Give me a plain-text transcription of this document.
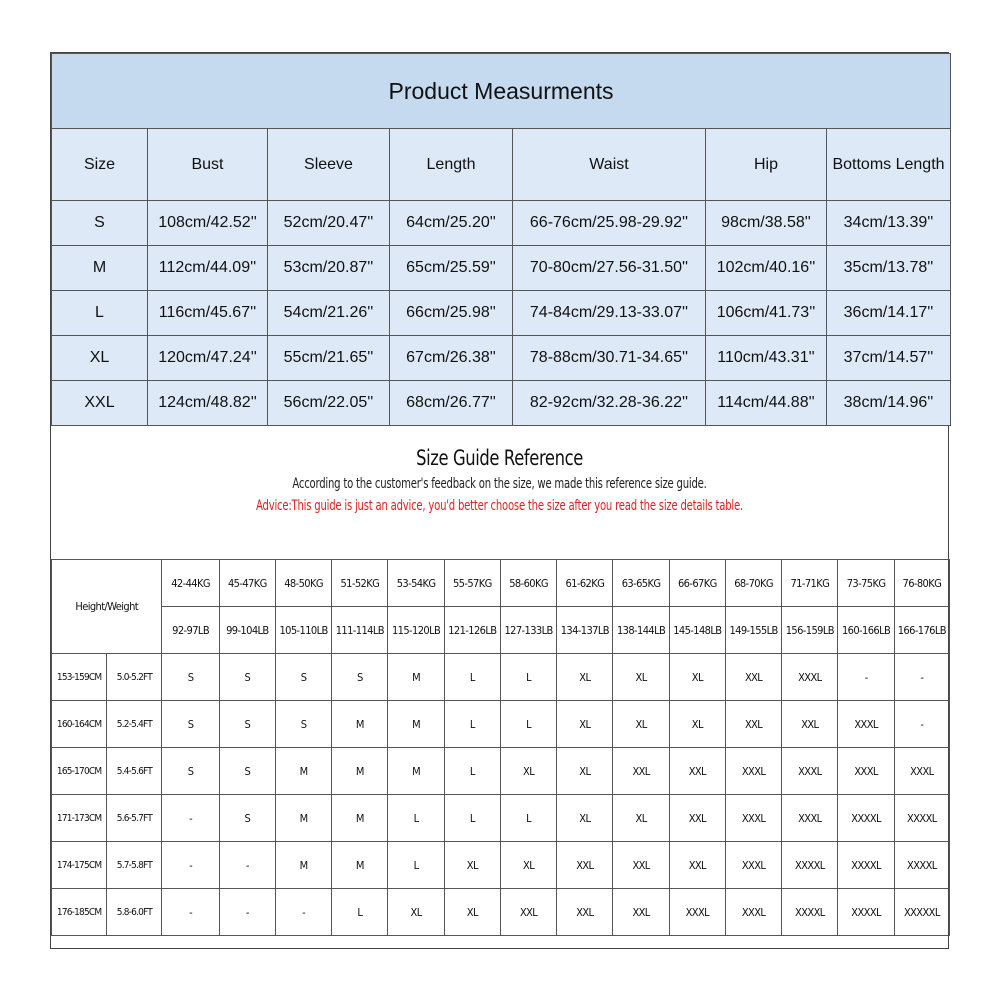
Product Measurments						
Size	Bust	Sleeve	Length	Waist	Hip	Bottoms Length
S	108cm/42.52''	52cm/20.47''	64cm/25.20''	66-76cm/25.98-29.92''	98cm/38.58''	34cm/13.39''
M	112cm/44.09''	53cm/20.87''	65cm/25.59''	70-80cm/27.56-31.50''	102cm/40.16''	35cm/13.78''
L	116cm/45.67''	54cm/21.26''	66cm/25.98''	74-84cm/29.13-33.07''	106cm/41.73''	36cm/14.17''
XL	120cm/47.24''	55cm/21.65''	67cm/26.38''	78-88cm/30.71-34.65''	110cm/43.31''	37cm/14.57''
XXL	124cm/48.82''	56cm/22.05''	68cm/26.77''	82-92cm/32.28-36.22''	114cm/44.88''	38cm/14.96''
Size Guide Reference
According to the customer's feedback on the size, we made this reference size guide.
Advice:This guide is just an advice, you'd better choose the size after you read the size details table.
Height/Weight		42-44KG	45-47KG	48-50KG	51-52KG	53-54KG	55-57KG	58-60KG	61-62KG	63-65KG	66-67KG	68-70KG	71-71KG	73-75KG	76-80KG
		92-97LB	99-104LB	105-110LB	111-114LB	115-120LB	121-126LB	127-133LB	134-137LB	138-144LB	145-148LB	149-155LB	156-159LB	160-166LB	166-176LB
153-159CM	5.0-5.2FT	S	S	S	S	M	L	L	XL	XL	XL	XXL	XXXL	-	-
160-164CM	5.2-5.4FT	S	S	S	M	M	L	L	XL	XL	XL	XXL	XXL	XXXL	-
165-170CM	5.4-5.6FT	S	S	M	M	M	L	XL	XL	XXL	XXL	XXXL	XXXL	XXXL	XXXL
171-173CM	5.6-5.7FT	-	S	M	M	L	L	L	XL	XL	XXL	XXXL	XXXL	XXXXL	XXXXL
174-175CM	5.7-5.8FT	-	-	M	M	L	XL	XL	XXL	XXL	XXL	XXXL	XXXXL	XXXXL	XXXXL
176-185CM	5.8-6.0FT	-	-	-	L	XL	XL	XXL	XXL	XXL	XXXL	XXXL	XXXXL	XXXXL	XXXXXL
